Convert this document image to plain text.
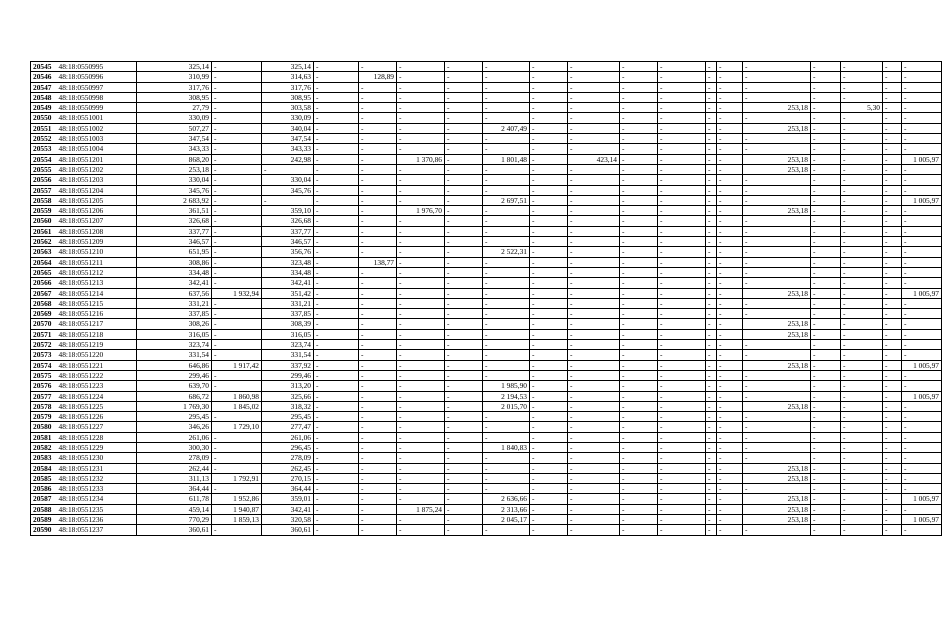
20545	48:18:0550995	325,14	-	325,14	-	-	-	-	-	-	-	-	-	-	-	-	-	-	-	-
20546	48:18:0550996	310,99	-	314,63	-	128,89	-	-	-	-	-	-	-	-	-	-	-	-	-	-
20547	48:18:0550997	317,76	-	317,76	-	-	-	-	-	-	-	-	-	-	-	-	-	-	-	-
20548	48:18:0550998	308,95	-	308,95	-	-	-	-	-	-	-	-	-	-	-	-	-	-	-	-
20549	48:18:0550999	27,79	-	303,58	-	-	-	-	-	-	-	-	-	-	-	253,18	-	5,30	-	-
20550	48:18:0551001	330,09	-	330,09	-	-	-	-	-	-	-	-	-	-	-	-	-	-	-	-
20551	48:18:0551002	507,27	-	340,04	-	-	-	-	2 407,49	-	-	-	-	-	-	253,18	-	-	-	-
20552	48:18:0551003	347,54	-	347,54	-	-	-	-	-	-	-	-	-	-	-	-	-	-	-	-
20553	48:18:0551004	343,33	-	343,33	-	-	-	-	-	-	-	-	-	-	-	-	-	-	-	-
20554	48:18:0551201	868,20	-	242,98	-	-	1 370,86	-	1 801,48	-	423,14	-	-	-	-	253,18	-	-	-	1 005,97
20555	48:18:0551202	253,18	-	-	-	-	-	-	-	-	-	-	-	-	-	253,18	-	-	-	-
20556	48:18:0551203	330,04	-	330,04	-	-	-	-	-	-	-	-	-	-	-	-	-	-	-	-
20557	48:18:0551204	345,76	-	345,76	-	-	-	-	-	-	-	-	-	-	-	-	-	-	-	-
20558	48:18:0551205	2 683,92	-	-	-	-	-	-	2 697,51	-	-	-	-	-	-	-	-	-	-	1 005,97
20559	48:18:0551206	361,51	-	359,10	-	-	1 976,70	-	-	-	-	-	-	-	-	253,18	-	-	-	-
20560	48:18:0551207	326,68	-	326,68	-	-	-	-	-	-	-	-	-	-	-	-	-	-	-	-
20561	48:18:0551208	337,77	-	337,77	-	-	-	-	-	-	-	-	-	-	-	-	-	-	-	-
20562	48:18:0551209	346,57	-	346,57	-	-	-	-	-	-	-	-	-	-	-	-	-	-	-	-
20563	48:18:0551210	651,95	-	356,76	-	-	-	-	2 522,31	-	-	-	-	-	-	-	-	-	-	-
20564	48:18:0551211	308,86	-	323,48	-	138,77	-	-	-	-	-	-	-	-	-	-	-	-	-	-
20565	48:18:0551212	334,48	-	334,48	-	-	-	-	-	-	-	-	-	-	-	-	-	-	-	-
20566	48:18:0551213	342,41	-	342,41	-	-	-	-	-	-	-	-	-	-	-	-	-	-	-	-
20567	48:18:0551214	637,56	1 932,94	351,42	-	-	-	-	-	-	-	-	-	-	-	253,18	-	-	-	1 005,97
20568	48:18:0551215	331,21	-	331,21	-	-	-	-	-	-	-	-	-	-	-	-	-	-	-	-
20569	48:18:0551216	337,85	-	337,85	-	-	-	-	-	-	-	-	-	-	-	-	-	-	-	-
20570	48:18:0551217	308,26	-	308,39	-	-	-	-	-	-	-	-	-	-	-	253,18	-	-	-	-
20571	48:18:0551218	316,05	-	316,05	-	-	-	-	-	-	-	-	-	-	-	253,18	-	-	-	-
20572	48:18:0551219	323,74	-	323,74	-	-	-	-	-	-	-	-	-	-	-	-	-	-	-	-
20573	48:18:0551220	331,54	-	331,54	-	-	-	-	-	-	-	-	-	-	-	-	-	-	-	-
20574	48:18:0551221	646,86	1 917,42	337,92	-	-	-	-	-	-	-	-	-	-	-	253,18	-	-	-	1 005,97
20575	48:18:0551222	299,46	-	299,46	-	-	-	-	-	-	-	-	-	-	-	-	-	-	-	-
20576	48:18:0551223	639,70	-	313,20	-	-	-	-	1 985,90	-	-	-	-	-	-	-	-	-	-	-
20577	48:18:0551224	686,72	1 860,98	325,66	-	-	-	-	2 194,53	-	-	-	-	-	-	-	-	-	-	1 005,97
20578	48:18:0551225	1 769,30	1 845,02	318,32	-	-	-	-	2 015,70	-	-	-	-	-	-	253,18	-	-	-	-
20579	48:18:0551226	295,45	-	295,45	-	-	-	-	-	-	-	-	-	-	-	-	-	-	-	-
20580	48:18:0551227	346,26	1 729,10	277,47	-	-	-	-	-	-	-	-	-	-	-	-	-	-	-	-
20581	48:18:0551228	261,06	-	261,06	-	-	-	-	-	-	-	-	-	-	-	-	-	-	-	-
20582	48:18:0551229	300,30	-	296,45	-	-	-	-	1 840,83	-	-	-	-	-	-	-	-	-	-	-
20583	48:18:0551230	278,09	-	278,09	-	-	-	-	-	-	-	-	-	-	-	-	-	-	-	-
20584	48:18:0551231	262,44	-	262,45	-	-	-	-	-	-	-	-	-	-	-	253,18	-	-	-	-
20585	48:18:0551232	311,13	1 792,91	270,15	-	-	-	-	-	-	-	-	-	-	-	253,18	-	-	-	-
20586	48:18:0551233	364,44	-	364,44	-	-	-	-	-	-	-	-	-	-	-	-	-	-	-	-
20587	48:18:0551234	611,78	1 952,86	359,01	-	-	-	-	2 636,66	-	-	-	-	-	-	253,18	-	-	-	1 005,97
20588	48:18:0551235	459,14	1 940,87	342,41	-	-	1 875,24	-	2 313,66	-	-	-	-	-	-	253,18	-	-	-	-
20589	48:18:0551236	770,29	1 859,13	320,58	-	-	-	-	2 045,17	-	-	-	-	-	-	253,18	-	-	-	1 005,97
20590	48:18:0551237	360,61	-	360,61	-	-	-	-	-	-	-	-	-	-	-	-	-	-	-	-
